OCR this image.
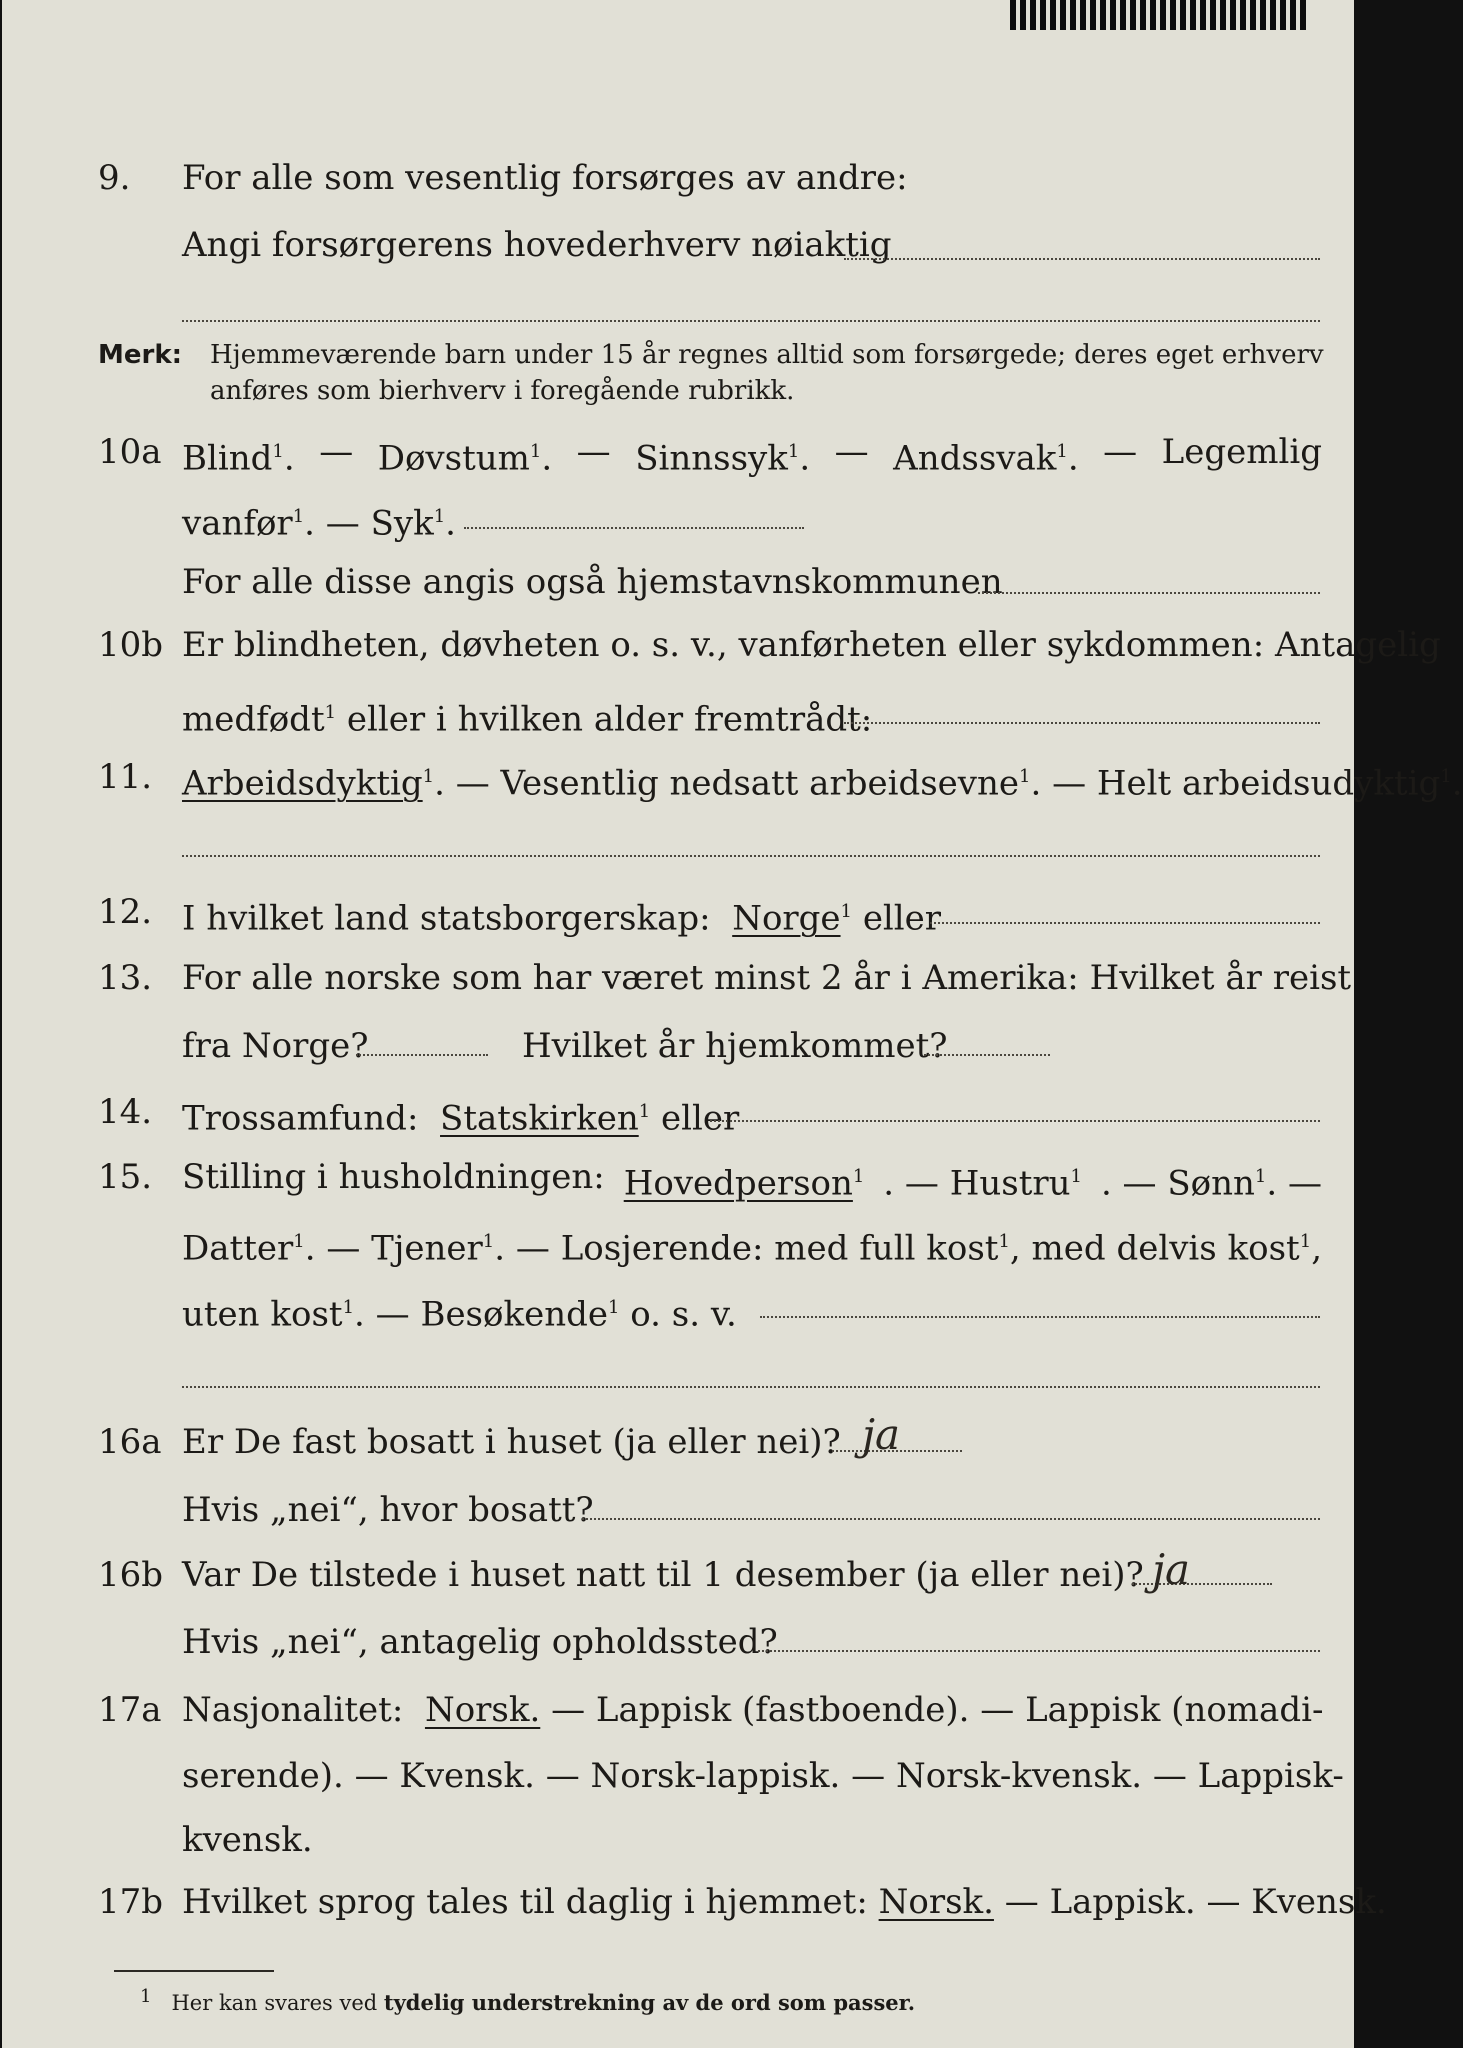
9. For alle som vesentlig forsørges av andre:
Angi forsørgerens hovederhverv nøiaktig
Merk: Hjemmeværende barn under 15 år regnes alltid som forsørgede; deres eget erhverv
anføres som bierhverv i foregående rubrikk.
10a Blind$^1$. — Døvstum$^1$. — Sinnssyk$^1$. — Andssvak$^1$. — Legemlig
vanfør$^1$. — Syk$^1$.
For alle disse angis også hjemstavnskommunen
10b Er blindheten, døvheten o. s. v., vanførheten eller sykdommen: Antagelig
medfødt$^1$ eller i hvilken alder fremtrådt:
11. Arbeidsdyktig$^1$. — Vesentlig nedsatt arbeidsevne$^1$. — Helt arbeidsudyktig$^1$.
12. I hvilket land statsborgerskap: Norge$^1$ eller
13. For alle norske som har været minst 2 år i Amerika: Hvilket år reist
fra Norge?	Hvilket år hjemkommet?
14. Trossamfund: Statskirken$^1$ eller
15. Stilling i husholdningen: Hovedperson$^1$ . — Hustru$^1$ . — Sønn$^1$. —
Datter$^1$ . — Tjener$^1$ . — Losjerende: med full kost$^1$, med delvis kost$^1$,
uten kost$^1$. — Besøkende$^1$ o. s. v.
16a Er De fast bosatt i huset (ja eller nei)? ja
Hvis „nei“, hvor bosatt?
16b Var De tilstede i huset natt til 1 desember (ja eller nei)? ja
Hvis „nei“, antagelig opholdssted?
17a Nasjonalitet: Norsk. — Lappisk (fastboende). — Lappisk (nomadi-
serende). — Kvensk. — Norsk-lappisk. — Norsk-kvensk. — Lappisk-
kvensk.
17b Hvilket sprog tales til daglig i hjemmet: Norsk. — Lappisk. — Kvensk.
$^1$ Her kan svares ved tydelig understrekning av de ord som passer.
